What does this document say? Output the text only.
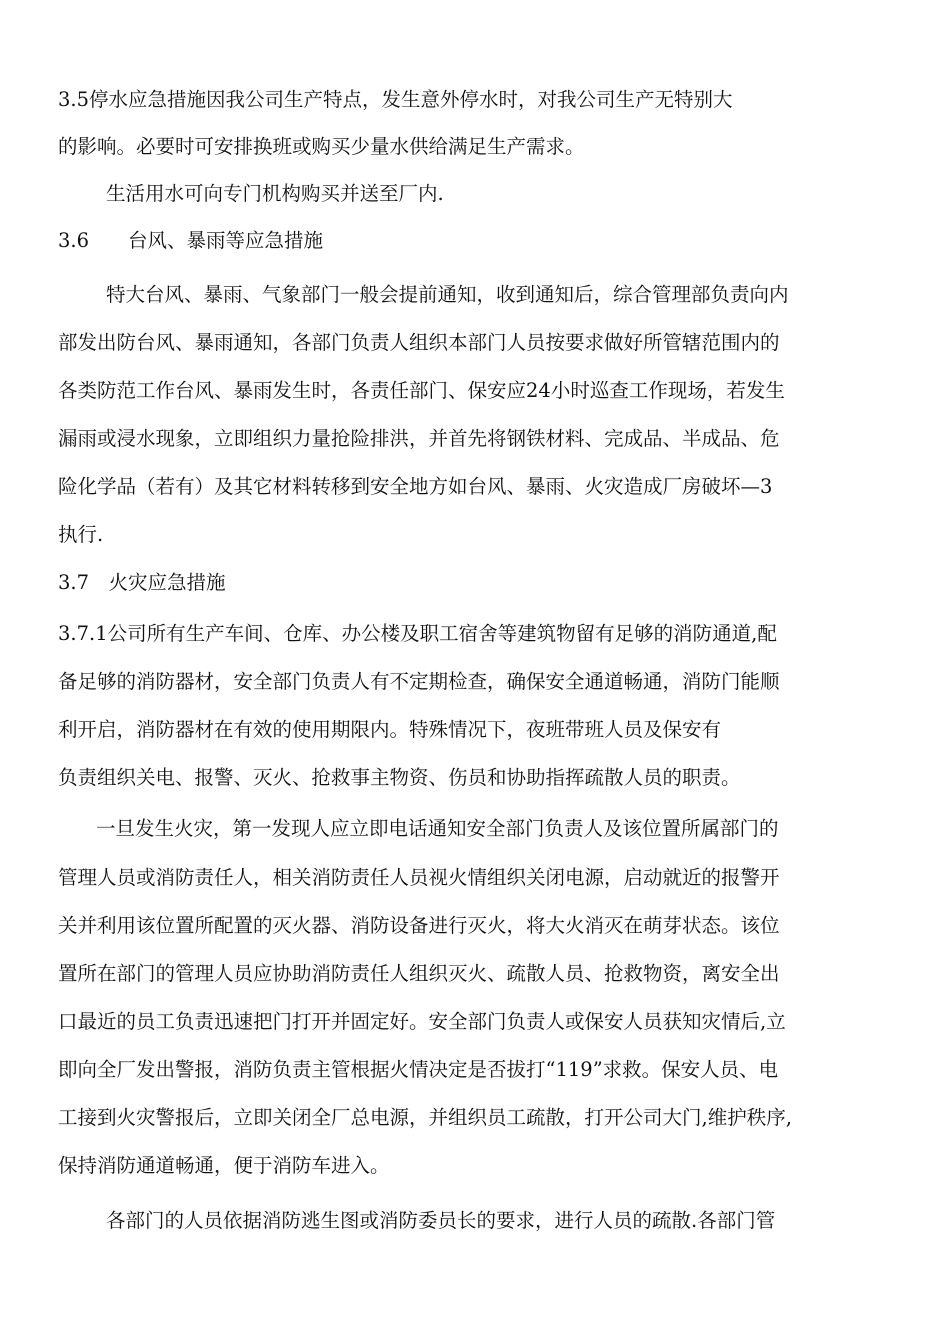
3.5停水应急措施因我公司生产特点，发生意外停水时，对我公司生产无特别大
的影响。必要时可安排换班或购买少量水供给满足生产需求。
生活用水可向专门机构购买并送至厂内.
3.6　　台风、暴雨等应急措施
特大台风、暴雨、气象部门一般会提前通知，收到通知后，综合管理部负责向内
部发出防台风、暴雨通知，各部门负责人组织本部门人员按要求做好所管辖范围内的
各类防范工作台风、暴雨发生时，各责任部门、保安应24小时巡查工作现场，若发生
漏雨或浸水现象，立即组织力量抢险排洪，并首先将钢铁材料、完成品、半成品、危
险化学品（若有）及其它材料转移到安全地方如台风、暴雨、火灾造成厂房破坏—3
执行.
3.7　火灾应急措施
3.7.1公司所有生产车间、仓库、办公楼及职工宿舍等建筑物留有足够的消防通道,配
备足够的消防器材，安全部门负责人有不定期检查，确保安全通道畅通，消防门能顺
利开启，消防器材在有效的使用期限内。特殊情况下，夜班带班人员及保安有
负责组织关电、报警、灭火、抢救事主物资、伤员和协助指挥疏散人员的职责。
一旦发生火灾，第一发现人应立即电话通知安全部门负责人及该位置所属部门的
管理人员或消防责任人，相关消防责任人员视火情组织关闭电源，启动就近的报警开
关并利用该位置所配置的灭火器、消防设备进行灭火，将大火消灭在萌芽状态。该位
置所在部门的管理人员应协助消防责任人组织灭火、疏散人员、抢救物资，离安全出
口最近的员工负责迅速把门打开并固定好。安全部门负责人或保安人员获知灾情后,立
即向全厂发出警报，消防负责主管根据火情决定是否拔打“119”求救。保安人员、电
工接到火灾警报后，立即关闭全厂总电源，并组织员工疏散，打开公司大门,维护秩序,
保持消防通道畅通，便于消防车进入。
各部门的人员依据消防逃生图或消防委员长的要求，进行人员的疏散.各部门管
